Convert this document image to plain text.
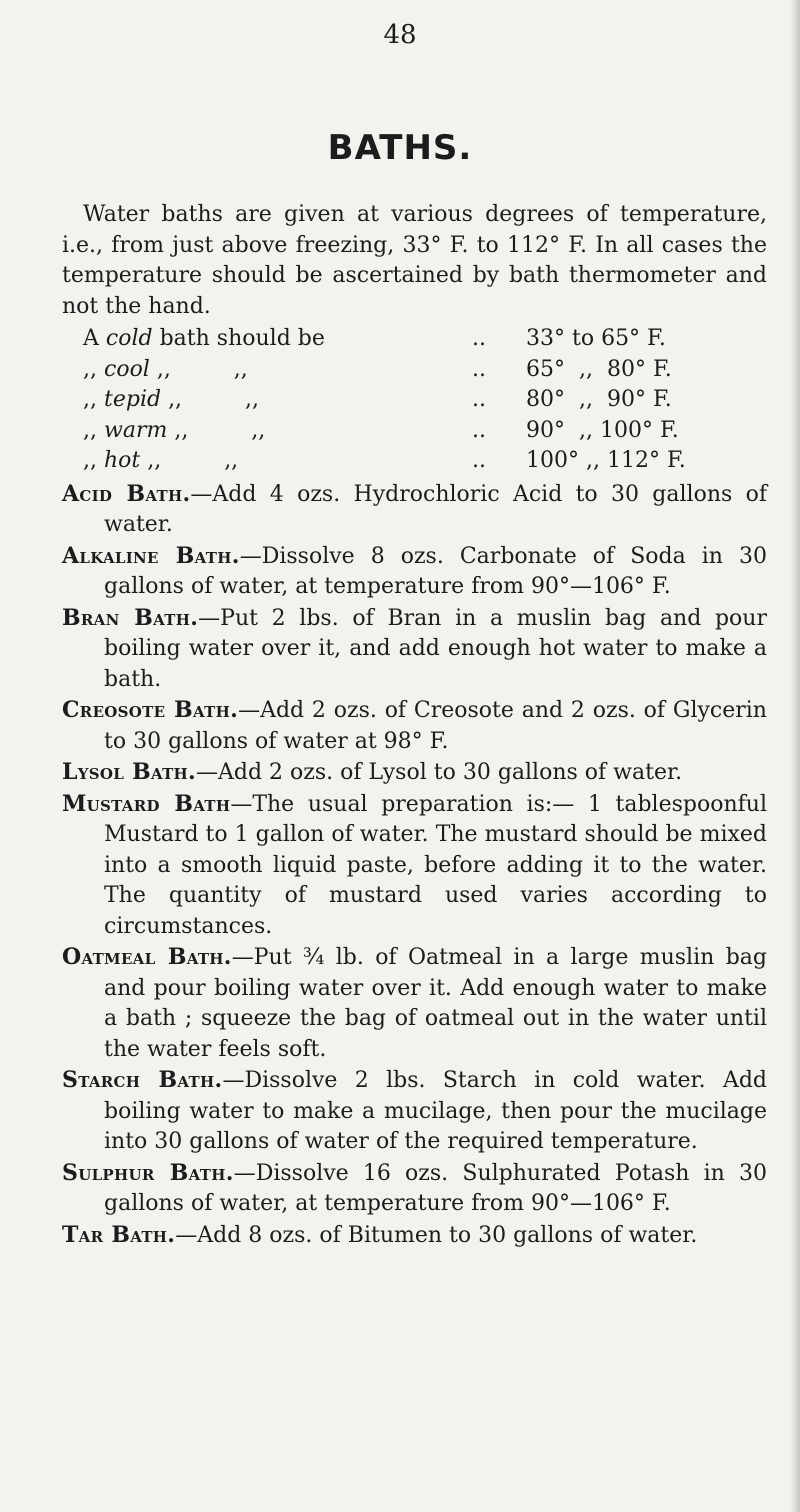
48
BATHS.

Water baths are given at various degrees of temperature, i.e., from just above freezing, 33° F. to 112° F. In all cases the temperature should be ascertained by bath thermometer and not the hand.

A cold bath should be	..	33° to 65° F.
,, cool ,,         ,,	..	65°  ,,  80° F.
,, tepid ,,         ,,	..	80°  ,,  90° F.
,, warm ,,         ,,	..	90°  ,, 100° F.
,, hot ,,         ,,	..	100° ,, 112° F.

Acid Bath.—Add 4 ozs. Hydrochloric Acid to 30 gallons of water.

Alkaline Bath.—Dissolve 8 ozs. Carbonate of Soda in 30 gallons of water, at temperature from 90°—106° F.

Bran Bath.—Put 2 lbs. of Bran in a muslin bag and pour boiling water over it, and add enough hot water to make a bath.

Creosote Bath.—Add 2 ozs. of Creosote and 2 ozs. of Glycerin to 30 gallons of water at 98° F.

Lysol Bath.—Add 2 ozs. of Lysol to 30 gallons of water.

Mustard Bath—The usual preparation is:— 1 tablespoonful Mustard to 1 gallon of water. The mustard should be mixed into a smooth liquid paste, before adding it to the water. The quantity of mustard used varies according to circumstances.

Oatmeal Bath.—Put ¾ lb. of Oatmeal in a large muslin bag and pour boiling water over it. Add enough water to make a bath ; squeeze the bag of oatmeal out in the water until the water feels soft.

Starch Bath.—Dissolve 2 lbs. Starch in cold water. Add boiling water to make a mucilage, then pour the mucilage into 30 gallons of water of the required temperature.

Sulphur Bath.—Dissolve 16 ozs. Sulphurated Potash in 30 gallons of water, at temperature from 90°—106° F.

Tar Bath.—Add 8 ozs. of Bitumen to 30 gallons of water.
